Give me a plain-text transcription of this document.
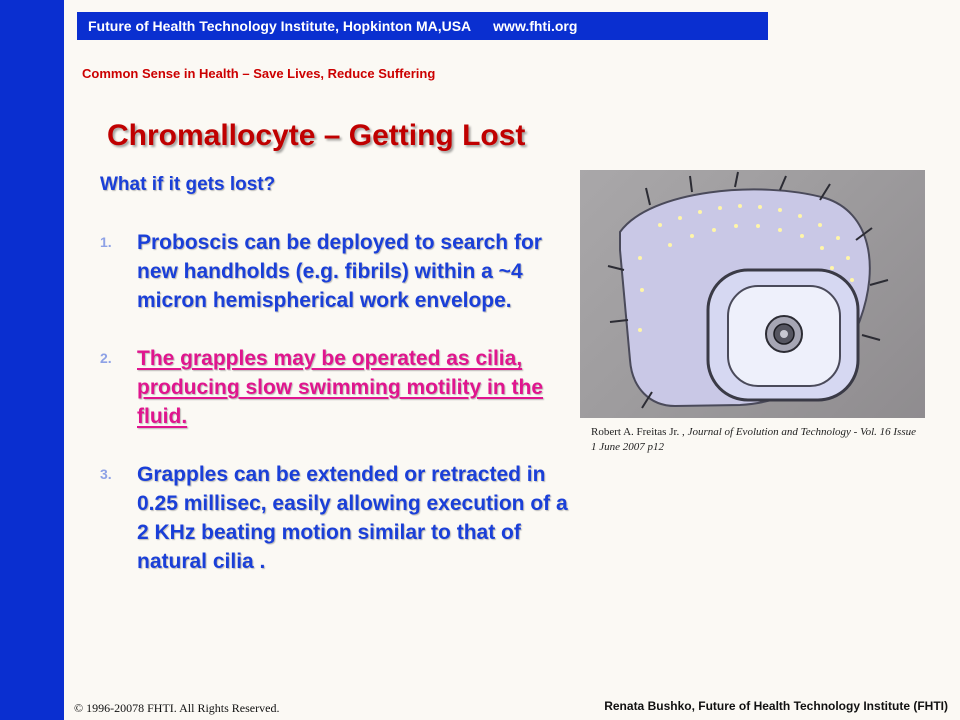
Future of Health Technology Institute, Hopkinton MA,USA www.fhti.org
Common Sense in Health – Save Lives, Reduce Suffering
Chromallocyte – Getting Lost
What if it gets lost?
1. Proboscis can be deployed to search for new handholds (e.g. fibrils) within a ~4 micron hemispherical work envelope.
2. The grapples may be operated as cilia, producing slow swimming motility in the fluid.
3. Grapples can be extended or retracted in 0.25 millisec, easily allowing execution of a 2 KHz beating motion similar to that of natural cilia .
Robert A. Freitas Jr. , Journal of Evolution and Technology - Vol. 16 Issue 1 June 2007 p12
© 1996-20078 FHTI. All Rights Reserved.	Renata Bushko, Future of Health Technology Institute (FHTI)
